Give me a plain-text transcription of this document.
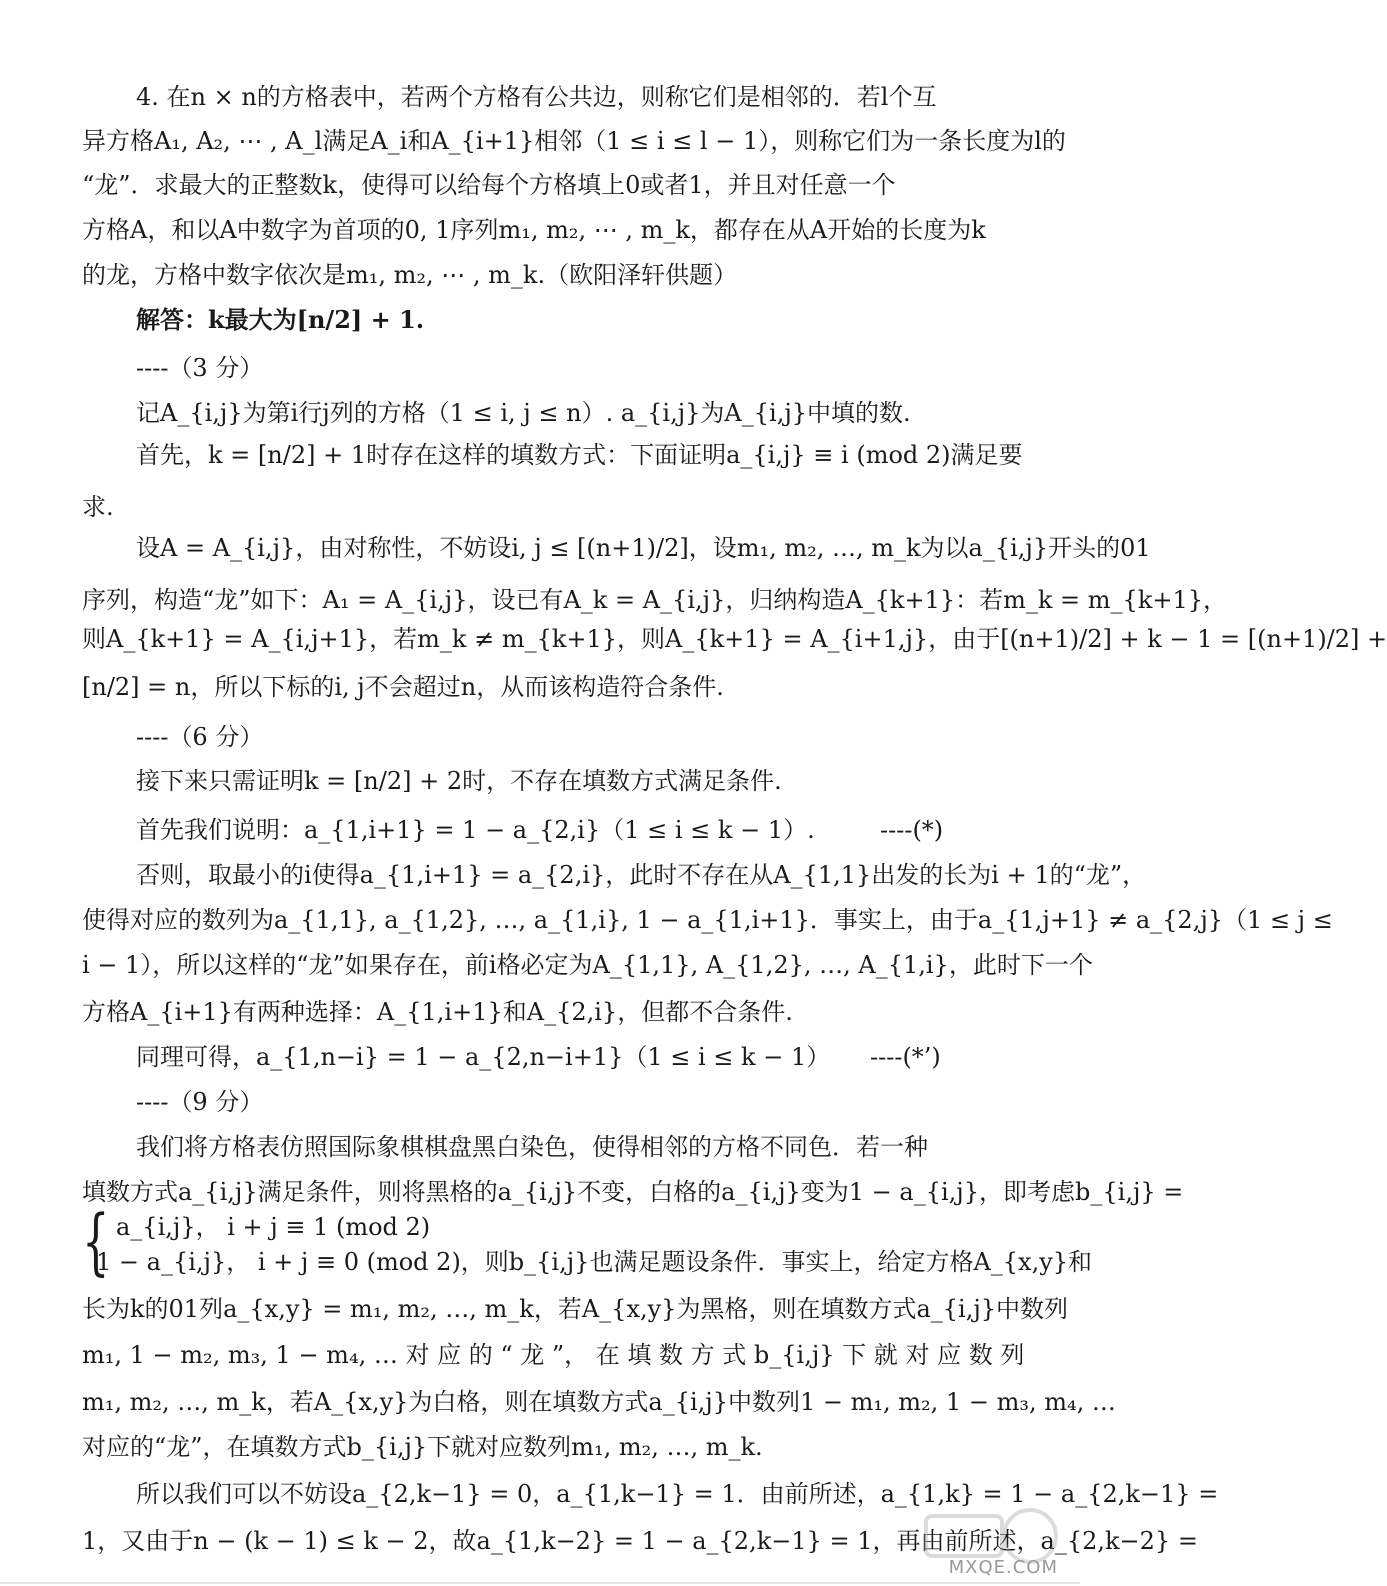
4. 在n × n的方格表中，若两个方格有公共边，则称它们是相邻的．若l个互
异方格A₁, A₂, ⋯ , A_l满足A_i和A_{i+1}相邻（1 ≤ i ≤ l − 1），则称它们为一条长度为l的
“龙”．求最大的正整数k，使得可以给每个方格填上0或者1，并且对任意一个
方格A，和以A中数字为首项的0, 1序列m₁, m₂, ⋯ , m_k，都存在从A开始的长度为k
的龙，方格中数字依次是m₁, m₂, ⋯ , m_k.（欧阳泽轩供题）
解答：k最大为[n/2] + 1.
----（3 分）
记A_{i,j}为第i行j列的方格（1 ≤ i, j ≤ n）. a_{i,j}为A_{i,j}中填的数.
首先，k = [n/2] + 1时存在这样的填数方式：下面证明a_{i,j} ≡ i (mod 2)满足要
求.
设A = A_{i,j}，由对称性，不妨设i, j ≤ [(n+1)/2]，设m₁, m₂, …, m_k为以a_{i,j}开头的01
序列，构造“龙”如下：A₁ = A_{i,j}，设已有A_k = A_{i,j}，归纳构造A_{k+1}：若m_k = m_{k+1}，
则A_{k+1} = A_{i,j+1}，若m_k ≠ m_{k+1}，则A_{k+1} = A_{i+1,j}，由于[(n+1)/2] + k − 1 = [(n+1)/2] +
[n/2] = n，所以下标的i, j不会超过n，从而该构造符合条件.
----（6 分）
接下来只需证明k = [n/2] + 2时，不存在填数方式满足条件.
首先我们说明：a_{1,i+1} = 1 − a_{2,i}（1 ≤ i ≤ k − 1）.	----(*)
否则，取最小的i使得a_{1,i+1} = a_{2,i}，此时不存在从A_{1,1}出发的长为i + 1的“龙”，
使得对应的数列为a_{1,1}, a_{1,2}, …, a_{1,i}, 1 − a_{1,i+1}．事实上，由于a_{1,j+1} ≠ a_{2,j}（1 ≤ j ≤
i − 1），所以这样的“龙”如果存在，前i格必定为A_{1,1}, A_{1,2}, …, A_{1,i}，此时下一个
方格A_{i+1}有两种选择：A_{1,i+1}和A_{2,i}，但都不合条件.
同理可得，a_{1,n−i} = 1 − a_{2,n−i+1}（1 ≤ i ≤ k − 1） ----(*’)
----（9 分）
我们将方格表仿照国际象棋棋盘黑白染色，使得相邻的方格不同色．若一种
填数方式a_{i,j}满足条件，则将黑格的a_{i,j}不变，白格的a_{i,j}变为1 − a_{i,j}，即考虑b_{i,j} =
{ a_{i,j}， i + j ≡ 1 (mod 2)
1 − a_{i,j}， i + j ≡ 0 (mod 2)，则b_{i,j}也满足题设条件．事实上，给定方格A_{x,y}和
长为k的01列a_{x,y} = m₁, m₂, …, m_k，若A_{x,y}为黑格，则在填数方式a_{i,j}中数列
m₁, 1 − m₂, m₃, 1 − m₄, … 对 应 的 “ 龙 ”， 在 填 数 方 式 b_{i,j} 下 就 对 应 数 列
m₁, m₂, …, m_k，若A_{x,y}为白格，则在填数方式a_{i,j}中数列1 − m₁, m₂, 1 − m₃, m₄, …
对应的“龙”，在填数方式b_{i,j}下就对应数列m₁, m₂, …, m_k.
所以我们可以不妨设a_{2,k−1} = 0，a_{1,k−1} = 1．由前所述，a_{1,k} = 1 − a_{2,k−1} =
1，又由于n − (k − 1) ≤ k − 2，故a_{1,k−2} = 1 − a_{2,k−1} = 1，再由前所述，a_{2,k−2} =
MXQE.COM
